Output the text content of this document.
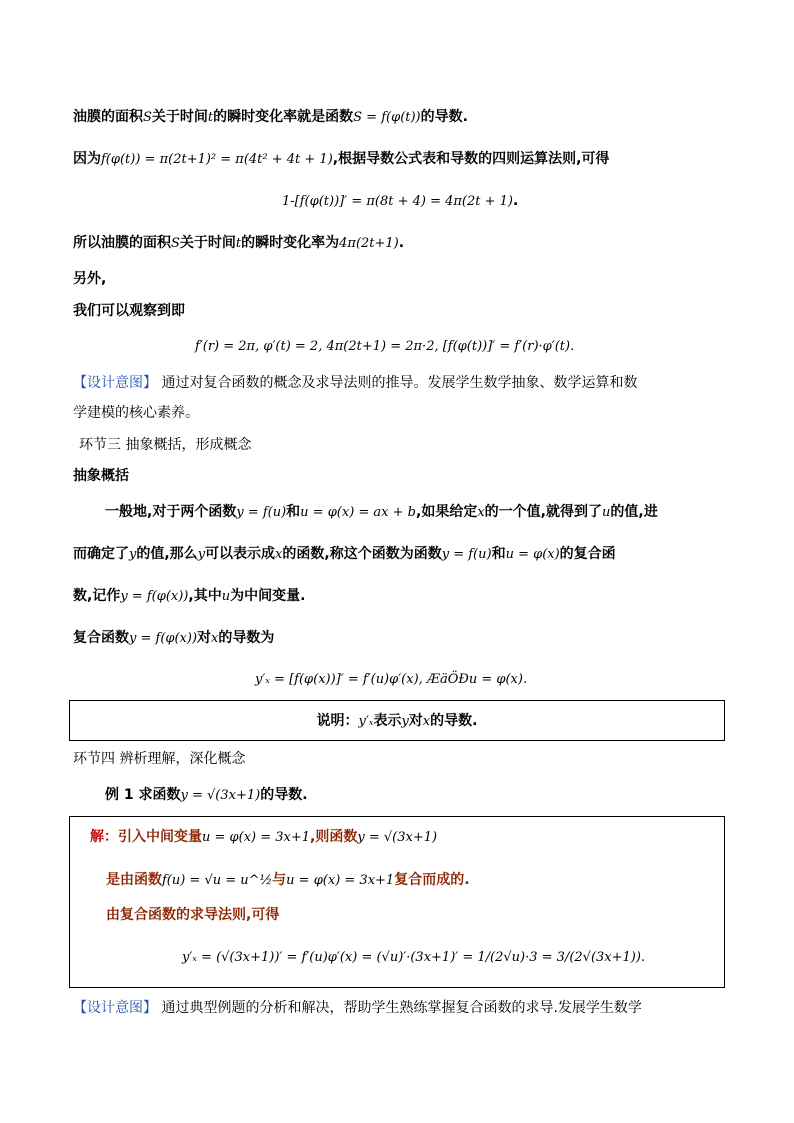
油膜的面积S关于时间t的瞬时变化率就是函数S = f(φ(t))的导数.
因为f(φ(t)) = π(2t+1)² = π(4t² + 4t + 1),根据导数公式表和导数的四则运算法则,可得
1-[f(φ(t))]′ = π(8t + 4) = 4π(2t + 1).
所以油膜的面积S关于时间t的瞬时变化率为4π(2t+1).
另外,
我们可以观察到即
f′(r) = 2π, φ′(t) = 2, 4π(2t+1) = 2π·2, [f(φ(t))]′ = f′(r)·φ′(t).
【设计意图】 通过对复合函数的概念及求导法则的推导。发展学生数学抽象、数学运算和数
学建模的核心素养。
环节三 抽象概括，形成概念
抽象概括
一般地,对于两个函数y = f(u)和u = φ(x) = ax + b,如果给定x的一个值,就得到了u的值,进
而确定了y的值,那么y可以表示成x的函数,称这个函数为函数y = f(u)和u = φ(x)的复合函
数,记作y = f(φ(x)),其中u为中间变量.
复合函数y = f(φ(x))对x的导数为
y′ₓ = [f(φ(x))]′ = f′(u)φ′(x), ÆäÖÐu = φ(x).
说明：y′ₓ表示y对x的导数.
环节四 辨析理解，深化概念
例 1 求函数y = √(3x+1)的导数.
解：引入中间变量u = φ(x) = 3x+1,则函数y = √(3x+1)
是由函数f(u) = √u = u^½与u = φ(x) = 3x+1复合而成的.
由复合函数的求导法则,可得
y′ₓ = (√(3x+1))′ = f′(u)φ′(x) = (√u)′·(3x+1)′ = 1/(2√u)·3 = 3/(2√(3x+1)).
【设计意图】 通过典型例题的分析和解决，帮助学生熟练掌握复合函数的求导.发展学生数学
